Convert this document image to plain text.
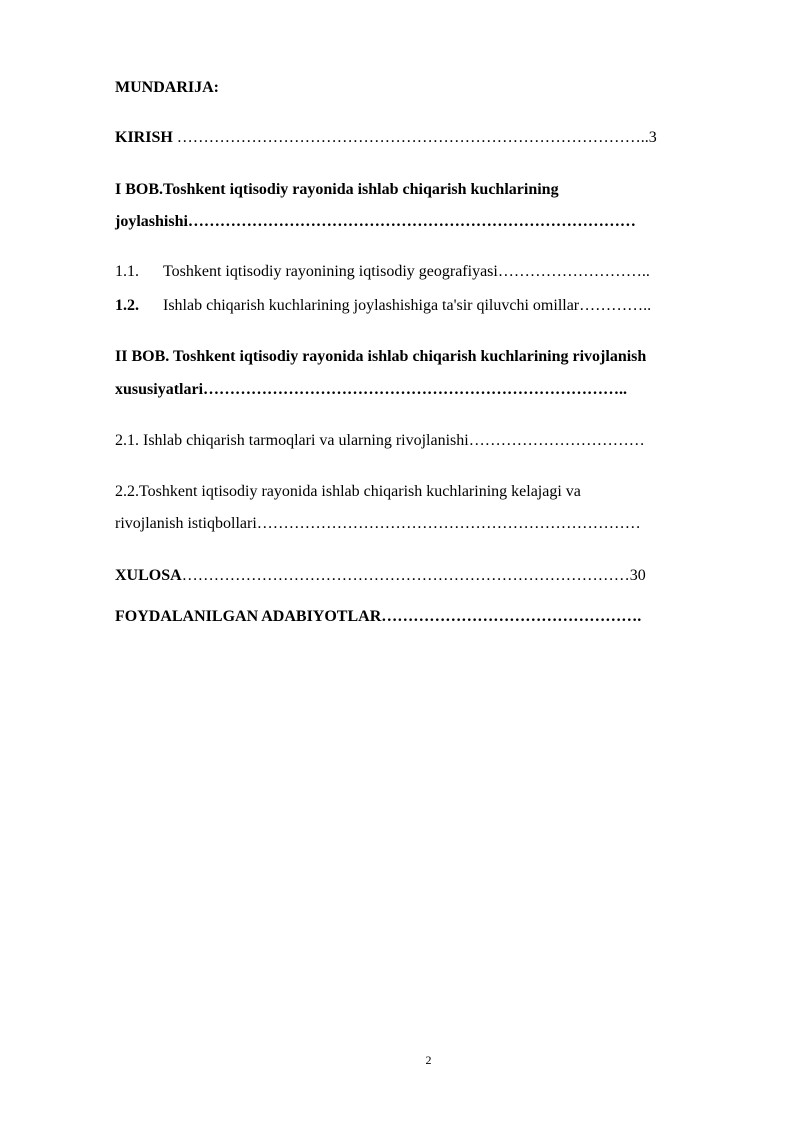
MUNDARIJA:
KIRISH ……………………………………………………………………………..3
I BOB.Toshkent iqtisodiy rayonida ishlab chiqarish kuchlarining
joylashishi…………………………………………………………………………
1.1. Toshkent iqtisodiy rayonining iqtisodiy geografiyasi………………………..
1.2. Ishlab chiqarish kuchlarining joylashishiga ta'sir qiluvchi omillar…………..
II BOB. Toshkent iqtisodiy rayonida ishlab chiqarish kuchlarining rivojlanish
xususiyatlari……………………………………………………………………..
2.1. Ishlab chiqarish tarmoqlari va ularning rivojlanishi……………………………
2.2.Toshkent iqtisodiy rayonida ishlab chiqarish kuchlarining kelajagi va
rivojlanish istiqbollari………………………………………………………………
XULOSA…………………………………………………………………………30
FOYDALANILGAN ADABIYOTLAR………………………………………….
2
